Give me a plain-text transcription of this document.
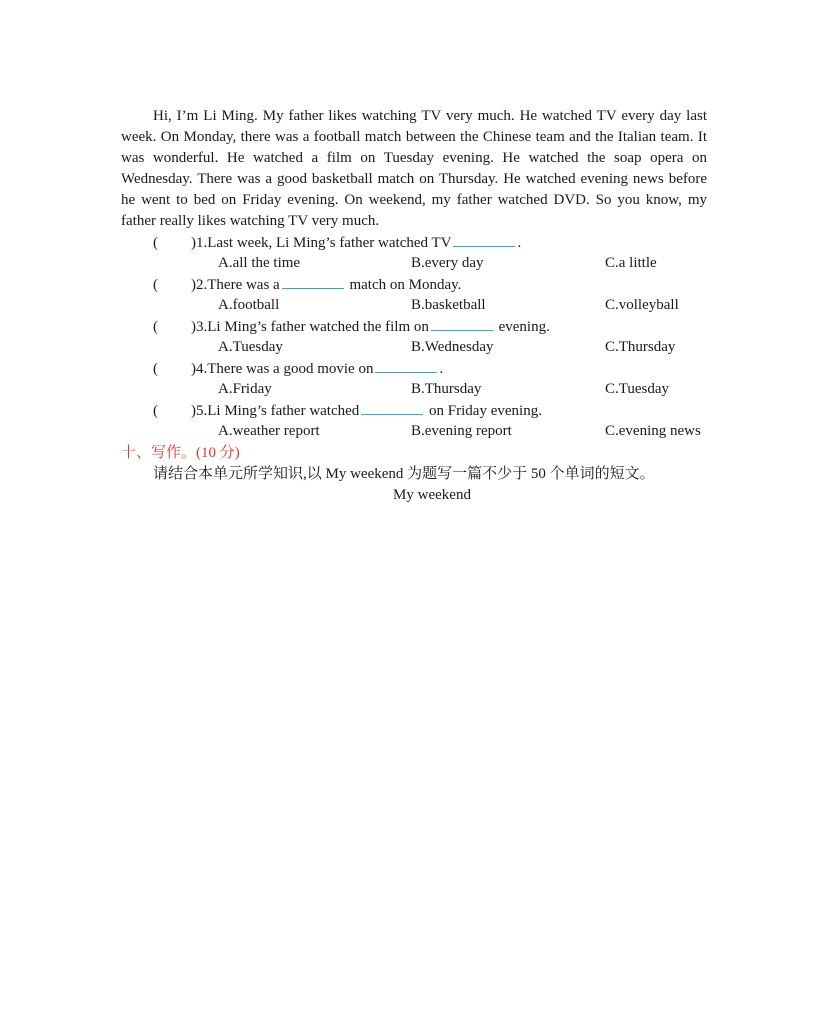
Hi, I’m Li Ming. My father likes watching TV very much. He watched TV every day last week. On Monday, there was a football match between the Chinese team and the Italian team. It was wonderful. He watched a film on Tuesday evening. He watched the soap opera on Wednesday. There was a good basketball match on Thursday. He watched evening news before he went to bed on Friday evening. On weekend, my father watched DVD. So you know, my father really likes watching TV very much.

( )1.Last week, Li Ming’s father watched TV	.
A.all the time	B.every day	C.a little
( )2.There was a	match on Monday.
A.football	B.basketball	C.volleyball
( )3.Li Ming’s father watched the film on	evening.
A.Tuesday	B.Wednesday	C.Thursday
( )4.There was a good movie on	.
A.Friday	B.Thursday	C.Tuesday
( )5.Li Ming’s father watched	on Friday evening.
A.weather report	B.evening report	C.evening news
十、写作。(10 分)
请结合本单元所学知识,以 My weekend 为题写一篇不少于 50 个单词的短文。
My weekend
